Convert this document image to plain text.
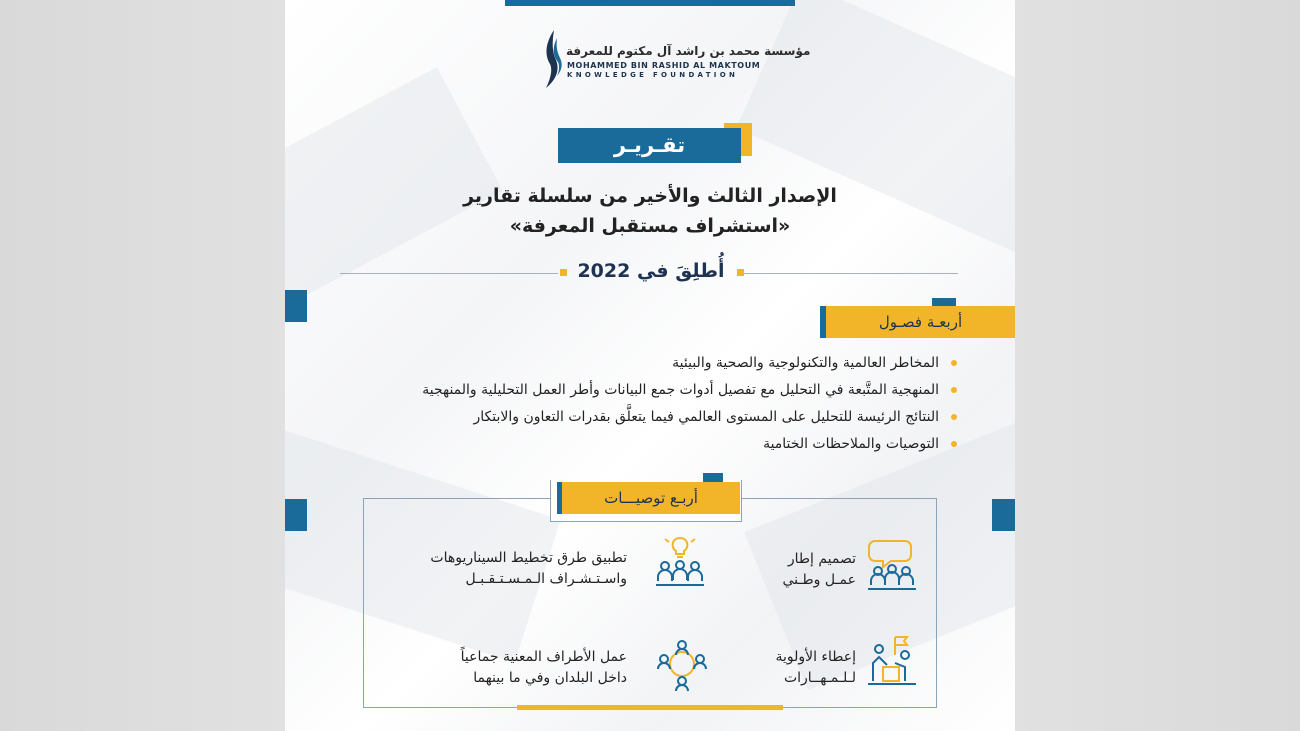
مؤسسة محمد بن راشد آل مكتوم للمعرفة
MOHAMMED BIN RASHID AL MAKTOUM
KNOWLEDGE FOUNDATION
تقـريـر
الإصدار الثالث والأخير من سلسلة تقارير
«استشراف مستقبل المعرفة»
أُطلِقَ في 2022
أربعـة فصـول
المخاطر العالمية والتكنولوجية والصحية والبيئية
المنهجية المتَّبعة في التحليل مع تفصيل أدوات جمع البيانات وأطر العمل التحليلية والمنهجية
النتائج الرئيسة للتحليل على المستوى العالمي فيما يتعلَّق بقدرات التعاون والابتكار
التوصيات والملاحظات الختامية
أربـع توصيـــات
تصميم إطار
عمـل وطـني
تطبيق طرق تخطيط السيناريوهات
واسـتـشـراف الـمـسـتـقـبـل
إعطاء الأولوية
لـلـمـهــارات
عمل الأطراف المعنية جماعياً
داخل البلدان وفي ما بينهما
